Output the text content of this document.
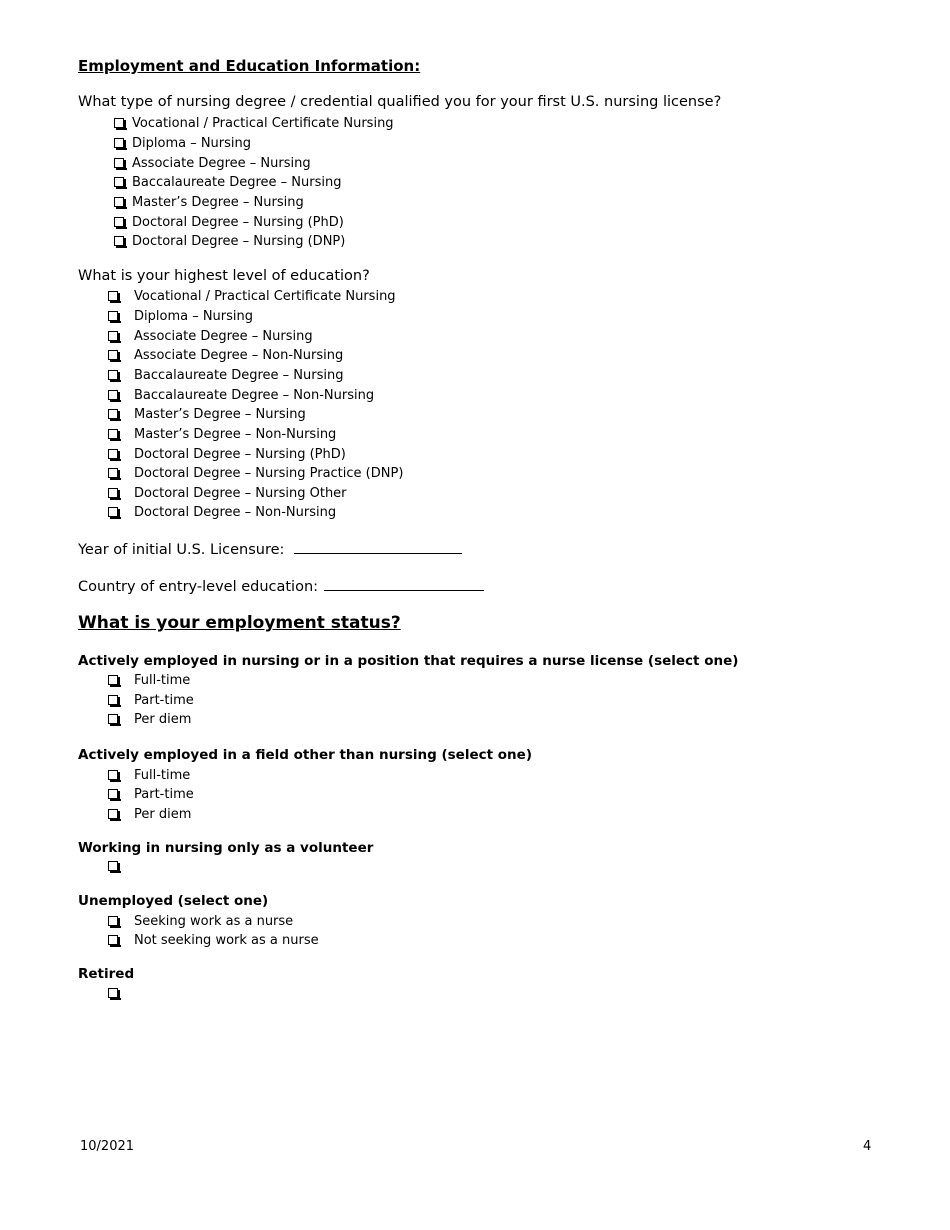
Employment and Education Information:
What type of nursing degree / credential qualified you for your first U.S. nursing license?
Vocational / Practical Certificate Nursing
Diploma – Nursing
Associate Degree – Nursing
Baccalaureate Degree – Nursing
Master’s Degree – Nursing
Doctoral Degree – Nursing (PhD)
Doctoral Degree – Nursing (DNP)
What is your highest level of education?
Vocational / Practical Certificate Nursing
Diploma – Nursing
Associate Degree – Nursing
Associate Degree – Non-Nursing
Baccalaureate Degree – Nursing
Baccalaureate Degree – Non-Nursing
Master’s Degree – Nursing
Master’s Degree – Non-Nursing
Doctoral Degree – Nursing (PhD)
Doctoral Degree – Nursing Practice (DNP)
Doctoral Degree – Nursing Other
Doctoral Degree – Non-Nursing
Year of initial U.S. Licensure:
Country of entry-level education:
What is your employment status?
Actively employed in nursing or in a position that requires a nurse license (select one)
Full-time
Part-time
Per diem
Actively employed in a field other than nursing (select one)
Full-time
Part-time
Per diem
Working in nursing only as a volunteer
Unemployed (select one)
Seeking work as a nurse
Not seeking work as a nurse
Retired
10/2021	4
